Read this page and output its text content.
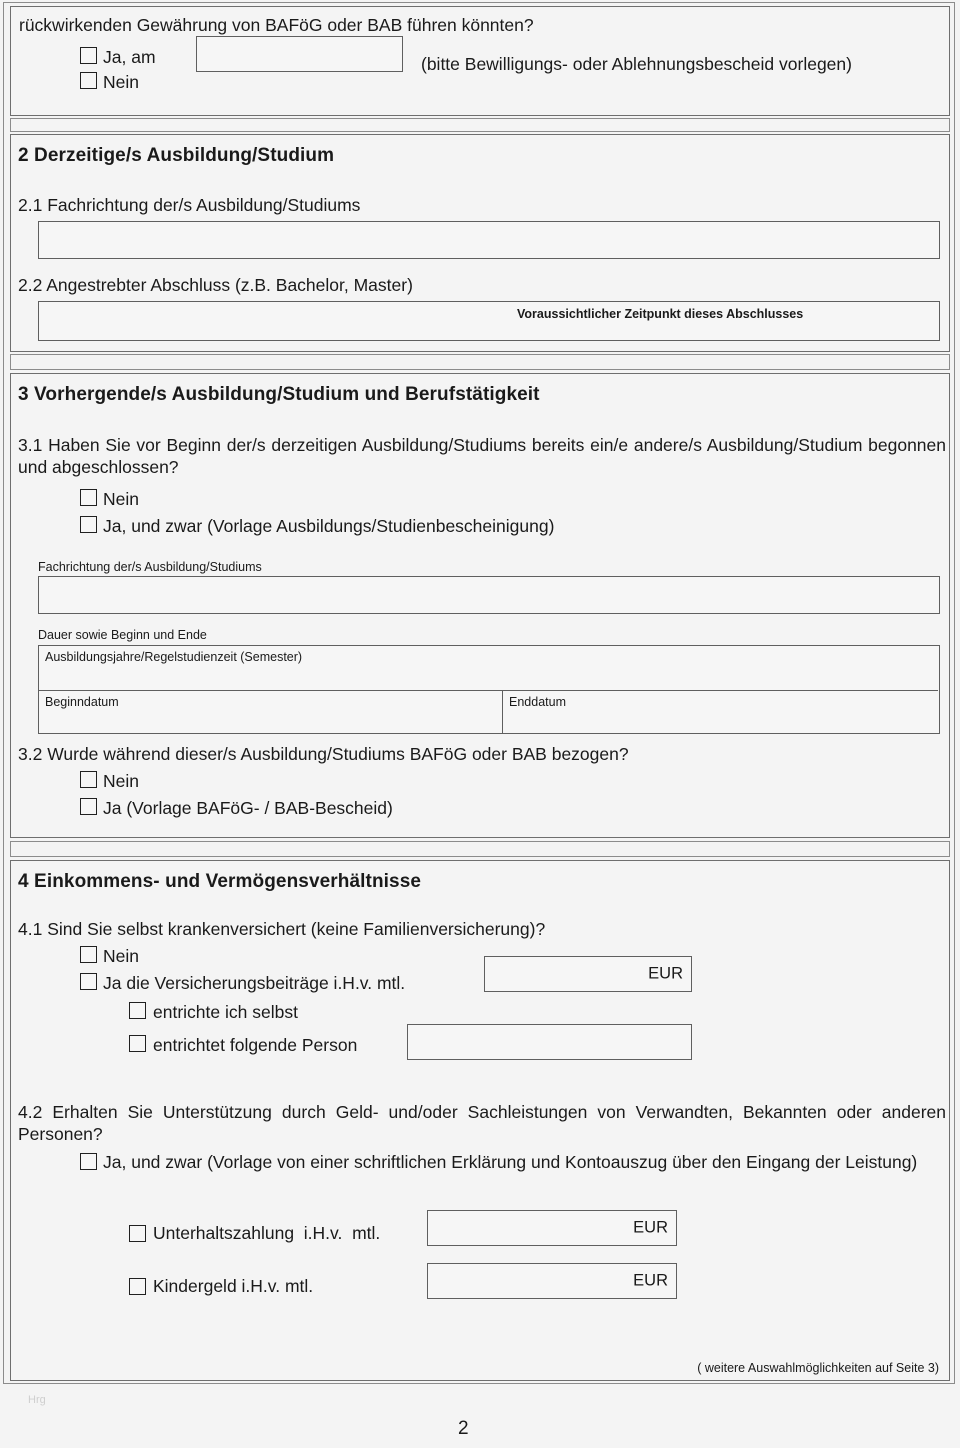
rückwirkenden Gewährung von BAFöG oder BAB führen könnten?
Ja, am
Nein
(bitte Bewilligungs- oder Ablehnungsbescheid vorlegen)
2 Derzeitige/s Ausbildung/Studium
2.1 Fachrichtung der/s Ausbildung/Studiums
2.2 Angestrebter Abschluss (z.B. Bachelor, Master)
Voraussichtlicher Zeitpunkt dieses Abschlusses
3 Vorhergende/s Ausbildung/Studium und Berufstätigkeit
3.1 Haben Sie vor Beginn der/s derzeitigen Ausbildung/Studiums bereits ein/e andere/s Ausbildung/Studium begonnen und abgeschlossen?
Nein
Ja, und zwar (Vorlage Ausbildungs/Studienbescheinigung)
Fachrichtung der/s Ausbildung/Studiums
Dauer sowie Beginn und Ende
Ausbildungsjahre/Regelstudienzeit (Semester)
Beginndatum	Enddatum
3.2 Wurde während dieser/s Ausbildung/Studiums BAFöG oder BAB bezogen?
Nein
Ja (Vorlage BAFöG- / BAB-Bescheid)
4 Einkommens- und Vermögensverhältnisse
4.1 Sind Sie selbst krankenversichert (keine Familienversicherung)?
Nein
Ja die Versicherungsbeiträge i.H.v. mtl.	EUR
entrichte ich selbst
entrichtet folgende Person
4.2 Erhalten Sie Unterstützung durch Geld- und/oder Sachleistungen von Verwandten, Bekannten oder anderen Personen?
Ja, und zwar (Vorlage von einer schriftlichen Erklärung und Kontoauszug über den Eingang der Leistung)
Unterhaltszahlung  i.H.v.  mtl.	EUR
Kindergeld i.H.v. mtl.	EUR
( weitere Auswahlmöglichkeiten auf Seite 3)
Hrg
2
